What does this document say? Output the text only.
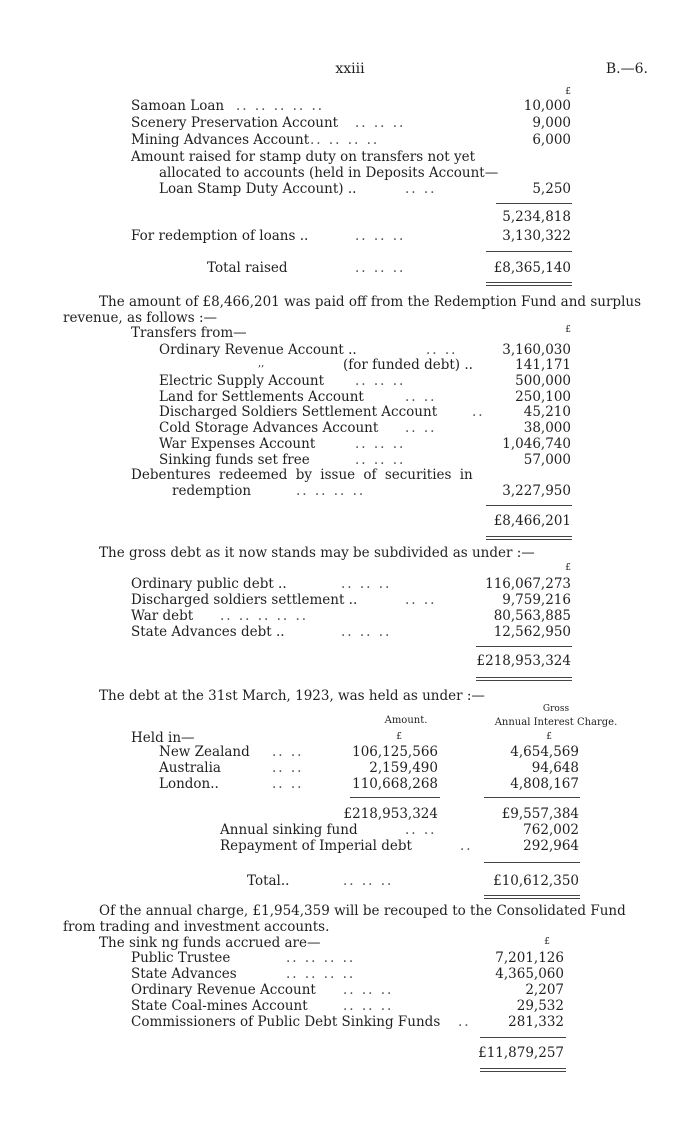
xxiii	B.—6.
£
Samoan Loan .. .. .. .. ..	10,000
Scenery Preservation Account .. .. ..	9,000
Mining Advances Account .. .. .. ..	6,000
Amount raised for stamp duty on transfers not yet
allocated to accounts (held in Deposits Account—
Loan Stamp Duty Account) ..	.. ..	5,250
5,234,818
For redemption of loans ..	.. .. ..	3,130,322
Total raised	.. .. ..	£8,365,140
The amount of £8,466,201 was paid off from the Redemption Fund and surplus
revenue, as follows :—
Transfers from—	£
Ordinary Revenue Account ..	.. ..	3,160,030
,,	(for funded debt) ..	141,171
Electric Supply Account .. .. ..	500,000
Land for Settlements Account	.. ..	250,100
Discharged Soldiers Settlement Account	..	45,210
Cold Storage Advances Account .. ..	38,000
War Expenses Account	.. .. ..	1,046,740
Sinking funds set free	.. .. ..	57,000
Debentures redeemed by issue of securities in
redemption	.. .. .. ..	3,227,950
£8,466,201
The gross debt as it now stands may be subdivided as under :—
£
Ordinary public debt ..	.. .. ..	116,067,273
Discharged soldiers settlement ..	.. ..	9,759,216
War debt .. .. .. .. ..	80,563,885
State Advances debt ..	.. .. ..	12,562,950
£218,953,324
The debt at the 31st March, 1923, was held as under :—
Gross
Amount.	Annual Interest Charge.
Held in—	£	£
New Zealand .. ..	106,125,566	4,654,569
Australia	.. ..	2,159,490	94,648
London..	.. ..	110,668,268	4,808,167
£218,953,324	£9,557,384
Annual sinking fund	.. ..	762,002
Repayment of Imperial debt	..	292,964
Total..	.. .. ..	£10,612,350
Of the annual charge, £1,954,359 will be recouped to the Consolidated Fund
from trading and investment accounts.
The sink ng funds accrued are—	£
Public Trustee	.. .. .. ..	7,201,126
State Advances	.. .. .. ..	4,365,060
Ordinary Revenue Account .. .. ..	2,207
State Coal-mines Account	.. .. ..	29,532
Commissioners of Public Debt Sinking Funds ..	281,332
£11,879,257
